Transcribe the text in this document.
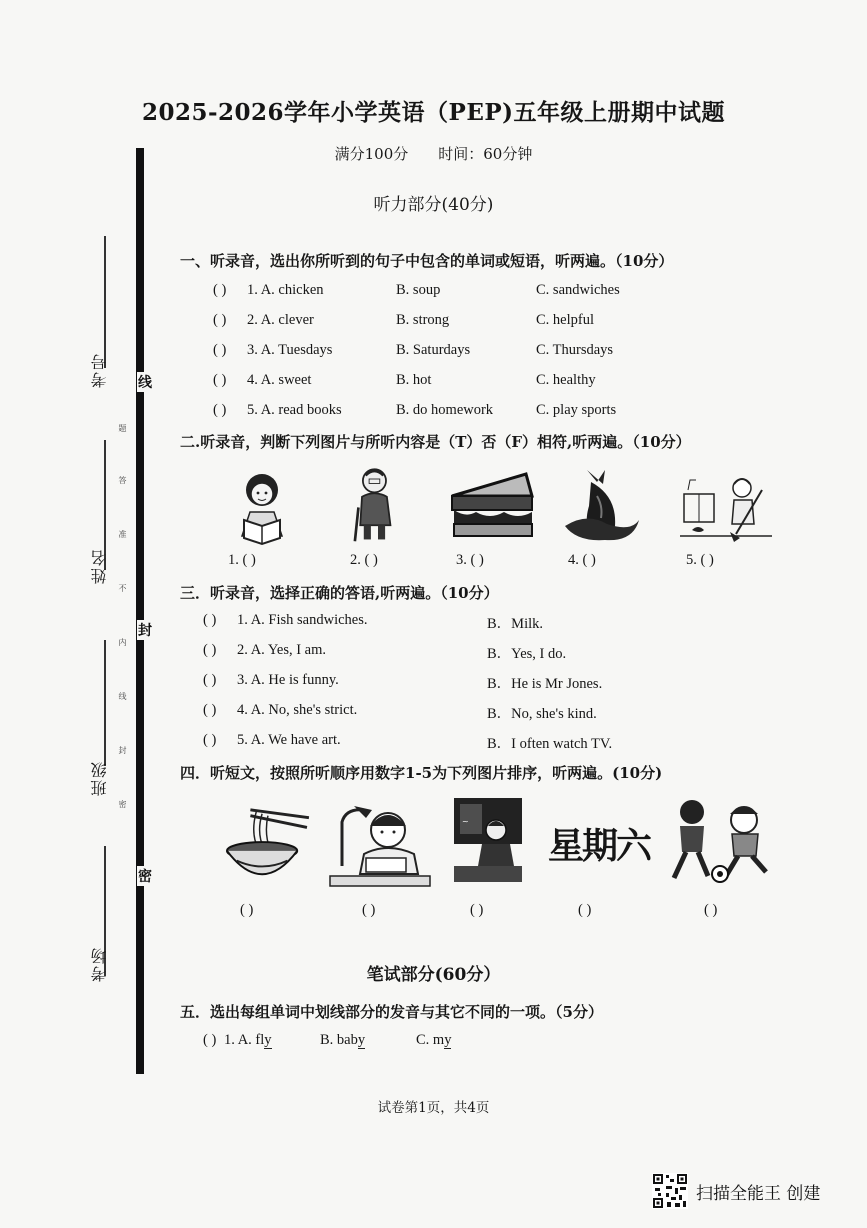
2025-2026学年小学英语（PEP)五年级上册期中试题
满分100分 时间：60分钟
线
封
密
考号
姓名
班级
考场
题
答
准
不
内
线
封
密
听力部分(40分)
一、听录音，选出你所听到的句子中包含的单词或短语，听两遍。（10分）
( ) 1. A. chicken	B. soup	C. sandwiches
( ) 2. A. clever	B. strong	C. helpful
( ) 3. A. Tuesdays	B. Saturdays	C. Thursdays
( ) 4. A. sweet	B. hot	C. healthy
( ) 5. A. read books	B. do homework	C. play sports
二.听录音，判断下列图片与所听内容是（T）否（F）相符,听两遍。（10分）
1. ( )	2. ( )	3. ( )	4. ( )	5. ( )
三．听录音，选择正确的答语,听两遍。（10分）
( ) 1. A. Fish sandwiches.	B．Milk.
( ) 2. A. Yes, I am.	B．Yes, I do.
( ) 3. A. He is funny.	B．He is Mr Jones.
( ) 4. A. No, she's strict.	B．No, she's kind.
( ) 5. A. We have art.	B．I often watch TV.
四．听短文，按照所听顺序用数字1-5为下列图片排序，听两遍。(10分)
~
星期六
( )	( )	( )	( )	( )
笔试部分(60分）
五．选出每组单词中划线部分的发音与其它不同的一项。（5分）
( ) 1. A. fly	B. baby	C. my
试卷第1页，共4页
扫描全能王 创建
